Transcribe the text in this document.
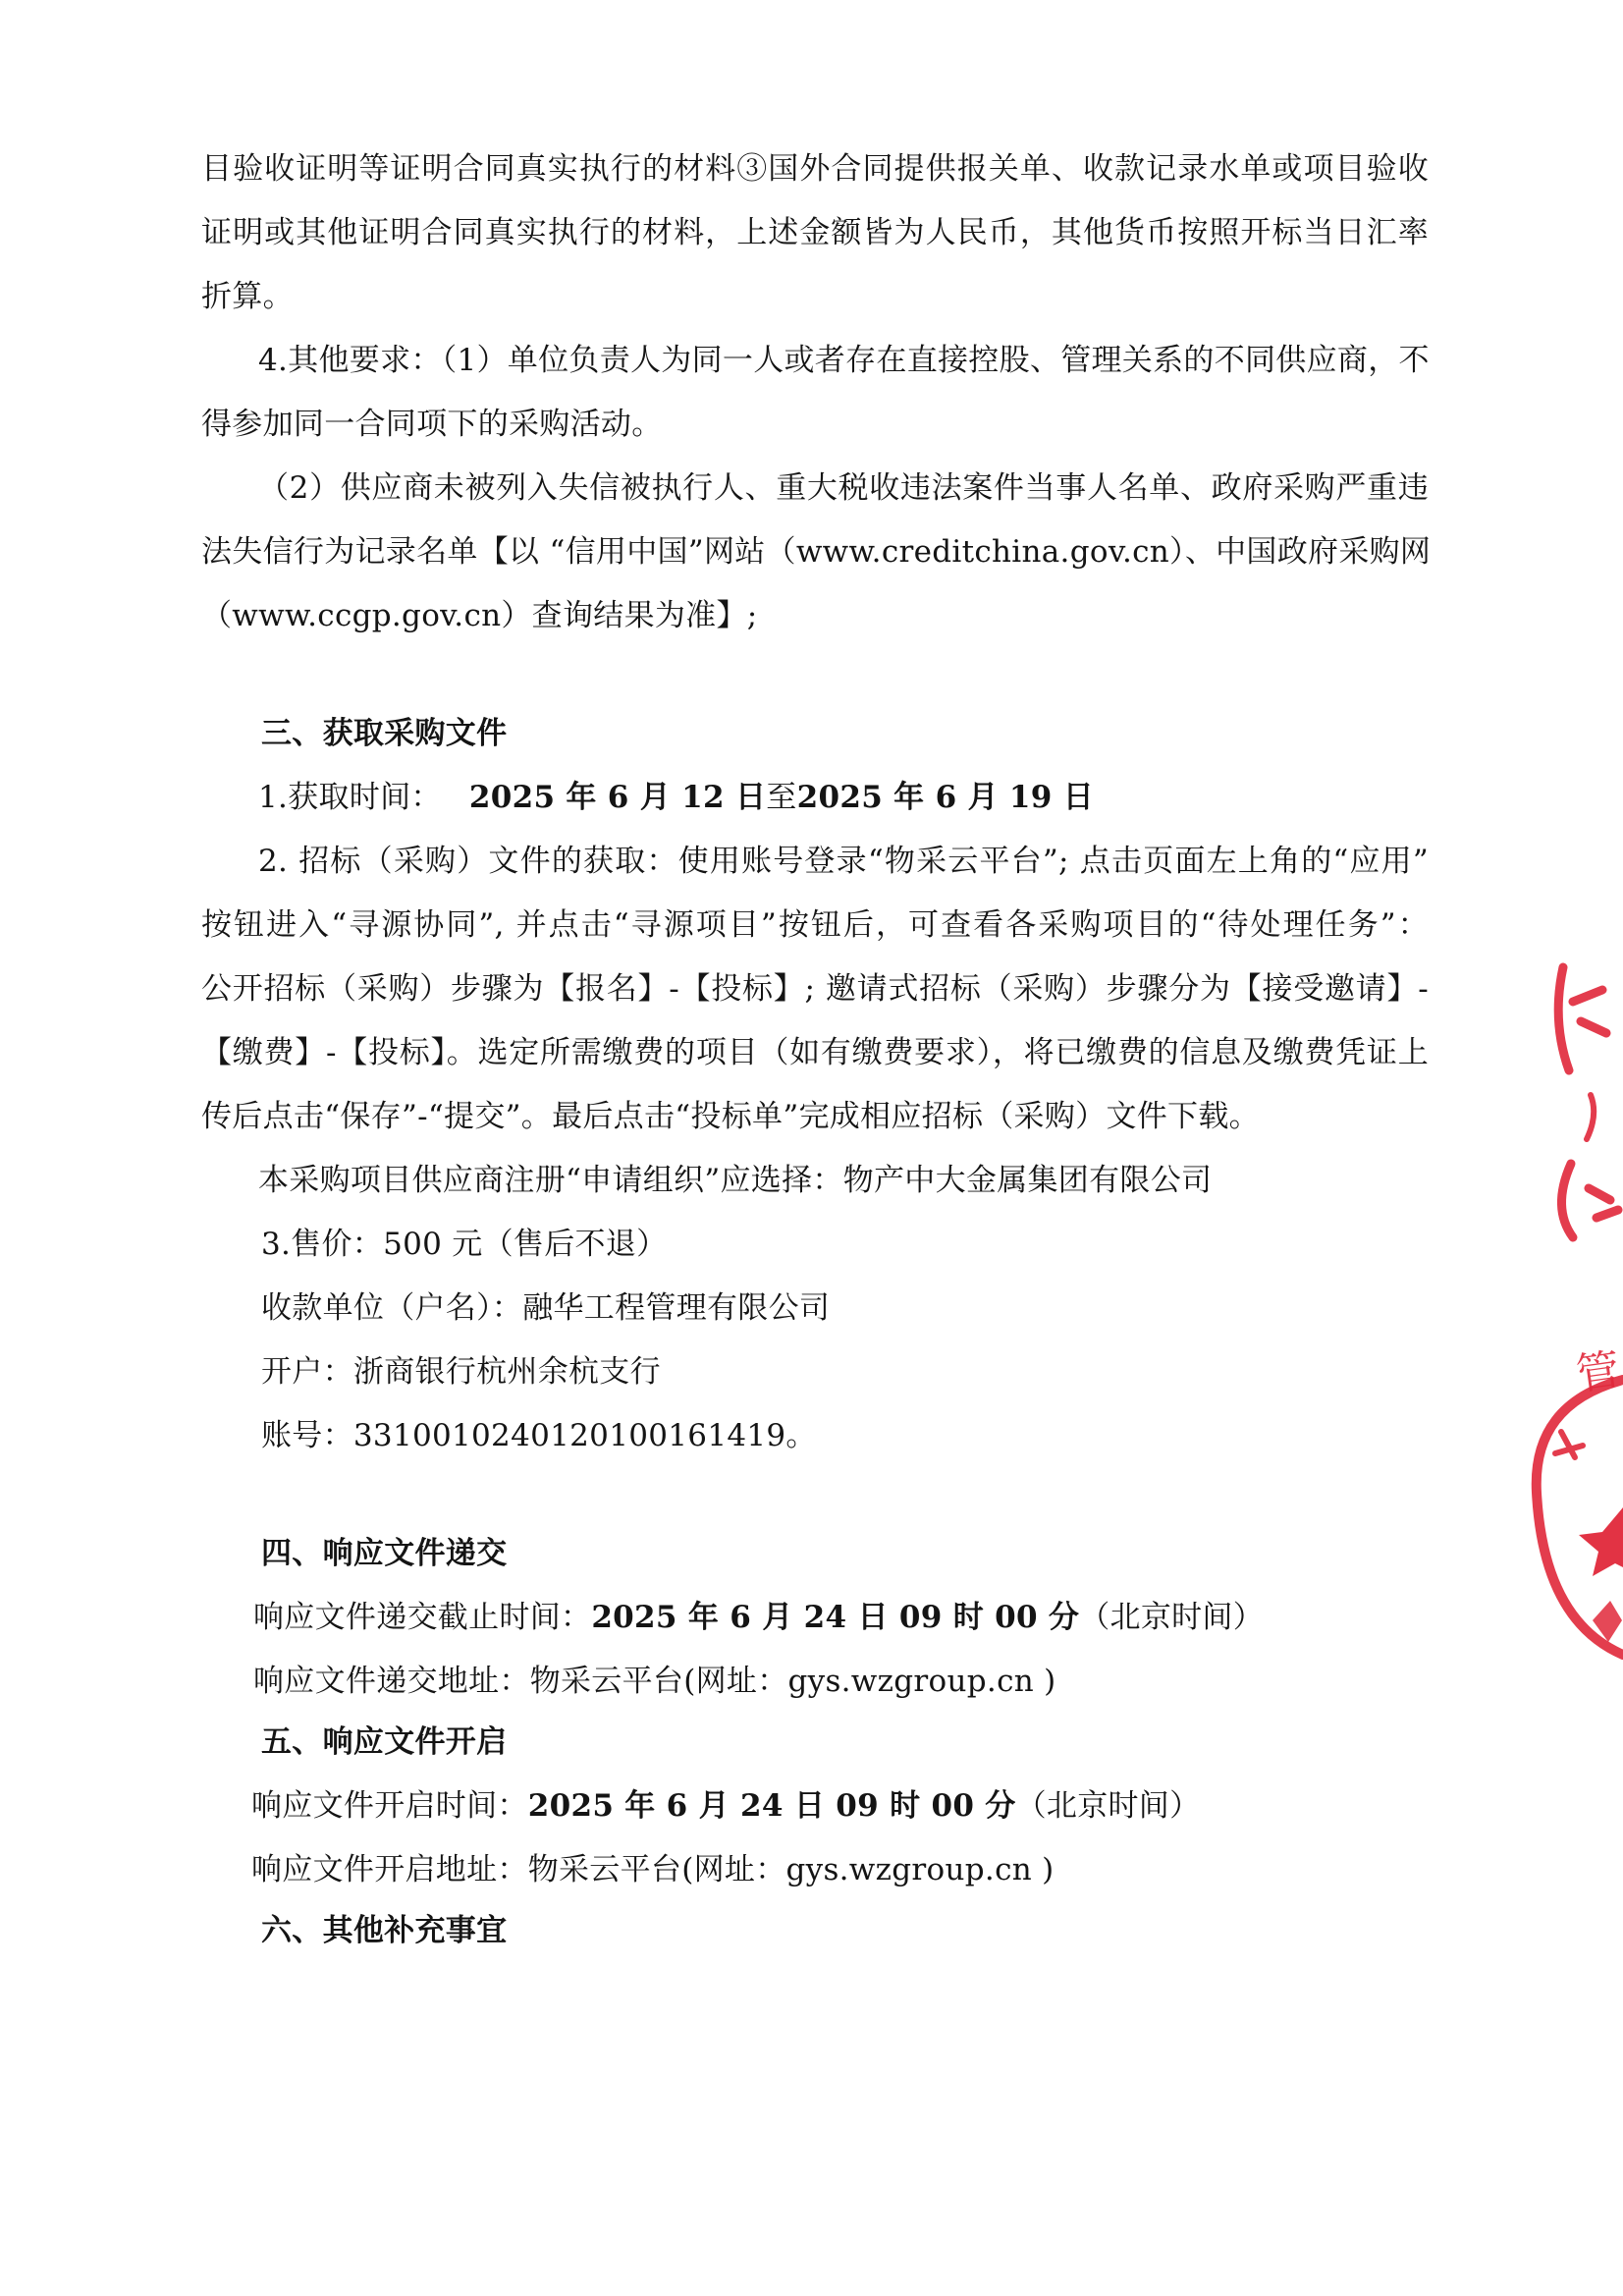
目验收证明等证明合同真实执行的材料③国外合同提供报关单、收款记录水单或项目验收

证明或其他证明合同真实执行的材料，上述金额皆为人民币，其他货币按照开标当日汇率

折算。

4.其他要求：（1）单位负责人为同一人或者存在直接控股、管理关系的不同供应商，不

得参加同一合同项下的采购活动。

（2）供应商未被列入失信被执行人、重大税收违法案件当事人名单、政府采购严重违

法失信行为记录名单【以 “信用中国”网站（www.creditchina.gov.cn）、中国政府采购网

（www.ccgp.gov.cn）查询结果为准】;

三、获取采购文件

1.获取时间： 2025 年 6 月 12 日至2025 年 6 月 19 日

2. 招标（采购）文件的获取：使用账号登录“物采云平台”; 点击页面左上角的“应用”

按钮进入“寻源协同”, 并点击“寻源项目”按钮后，可查看各采购项目的“待处理任务”：

公开招标（采购）步骤为【报名】-【投标】; 邀请式招标（采购）步骤分为【接受邀请】-

【缴费】-【投标】。选定所需缴费的项目（如有缴费要求），将已缴费的信息及缴费凭证上

传后点击“保存”-“提交”。最后点击“投标单”完成相应招标（采购）文件下载。

本采购项目供应商注册“申请组织”应选择：物产中大金属集团有限公司

3.售价：500 元（售后不退）

收款单位（户名）：融华工程管理有限公司

开户：浙商银行杭州余杭支行

账号：331001024012010016141​9。

四、响应文件递交

响应文件递交截止时间：2025 年 6 月 24 日 09 时 00 分（北京时间）

响应文件递交地址：物采云平台(网址：gys.wzgroup.cn )

五、响应文件开启

响应文件开启时间：2025 年 6 月 24 日 09 时 00 分（北京时间）

响应文件开启地址：物采云平台(网址：gys.wzgroup.cn )

六、其他补充事宜

管
